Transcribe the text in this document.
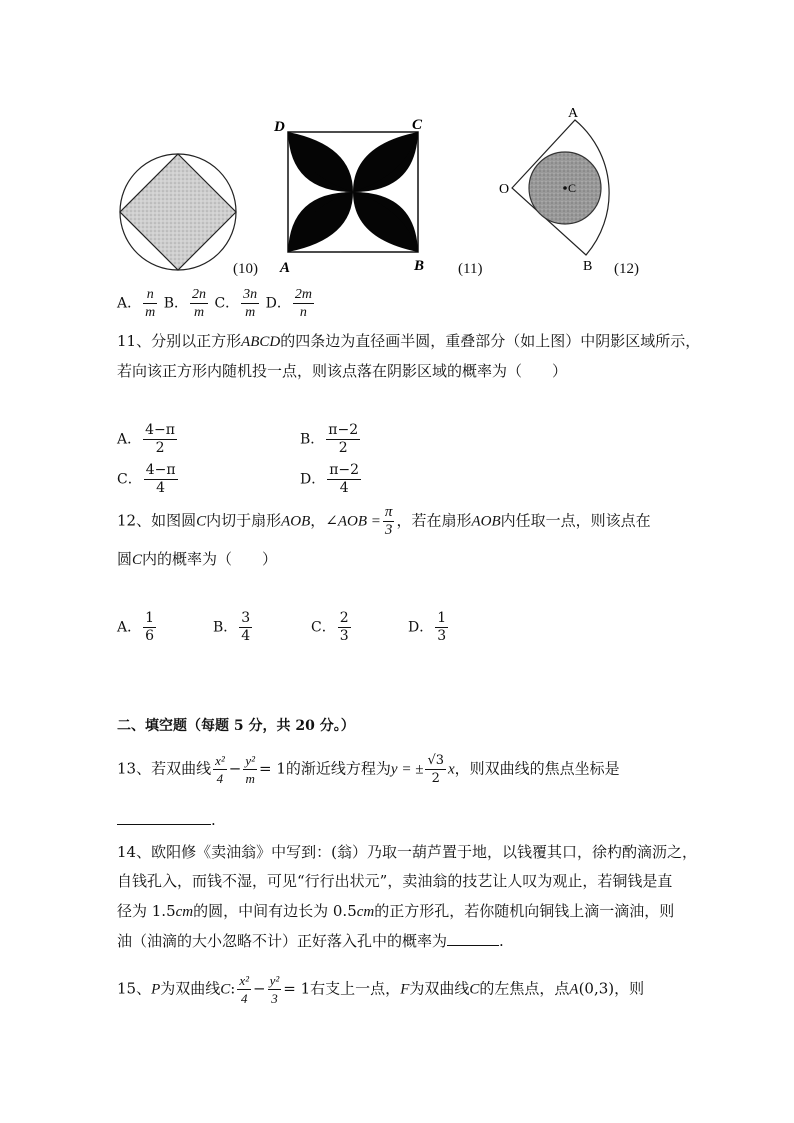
(10)
D	C
A	B (11)
A
O
B
C
(12)
A． $\frac{n}{m}$ B． $\frac{2n}{m}$ C． $\frac{3n}{m}$ D． $\frac{2m}{n}$
11、分别以正方形ABCD的四条边为直径画半圆，重叠部分（如上图）中阴影区域所示，
若向该正方形内随机投一点，则该点落在阴影区域的概率为（　　）
A． $\frac{4-\pi}{2}$	B． $\frac{\pi-2}{2}$
C． $\frac{4-\pi}{4}$	D． $\frac{\pi-2}{4}$
12、如图圆C内切于扇形AOB，∠AOB = $\frac{\pi}{3}$ ，若在扇形AOB内任取一点，则该点在
圆C内的概率为（　　）
A． $\frac{1}{6}$	B． $\frac{3}{4}$	C． $\frac{2}{3}$	D． $\frac{1}{3}$
二、填空题（每题 5 分，共 20 分。）
13、若双曲线 $\frac{\text{x²}}{4} - \frac{\text{y²}}{m} = 1$的渐近线方程为y = ± $\frac{√3}{2}$ x，则双曲线的焦点坐标是
.
14、欧阳修《卖油翁》中写到：(翁）乃取一葫芦置于地，以钱覆其口，徐杓酌滴沥之，
自钱孔入，而钱不湿，可见“行行出状元”，卖油翁的技艺让人叹为观止，若铜钱是直
径为 1.5cm的圆，中间有边长为 0.5cm的正方形孔，若你随机向铜钱上滴一滴油，则
油（油滴的大小忽略不计）正好落入孔中的概率为	.
15、P为双曲线C: $\frac{\text{x²}}{4} - \frac{\text{y²}}{3} = 1$右支上一点，F为双曲线C的左焦点，点A(0,3)，则
